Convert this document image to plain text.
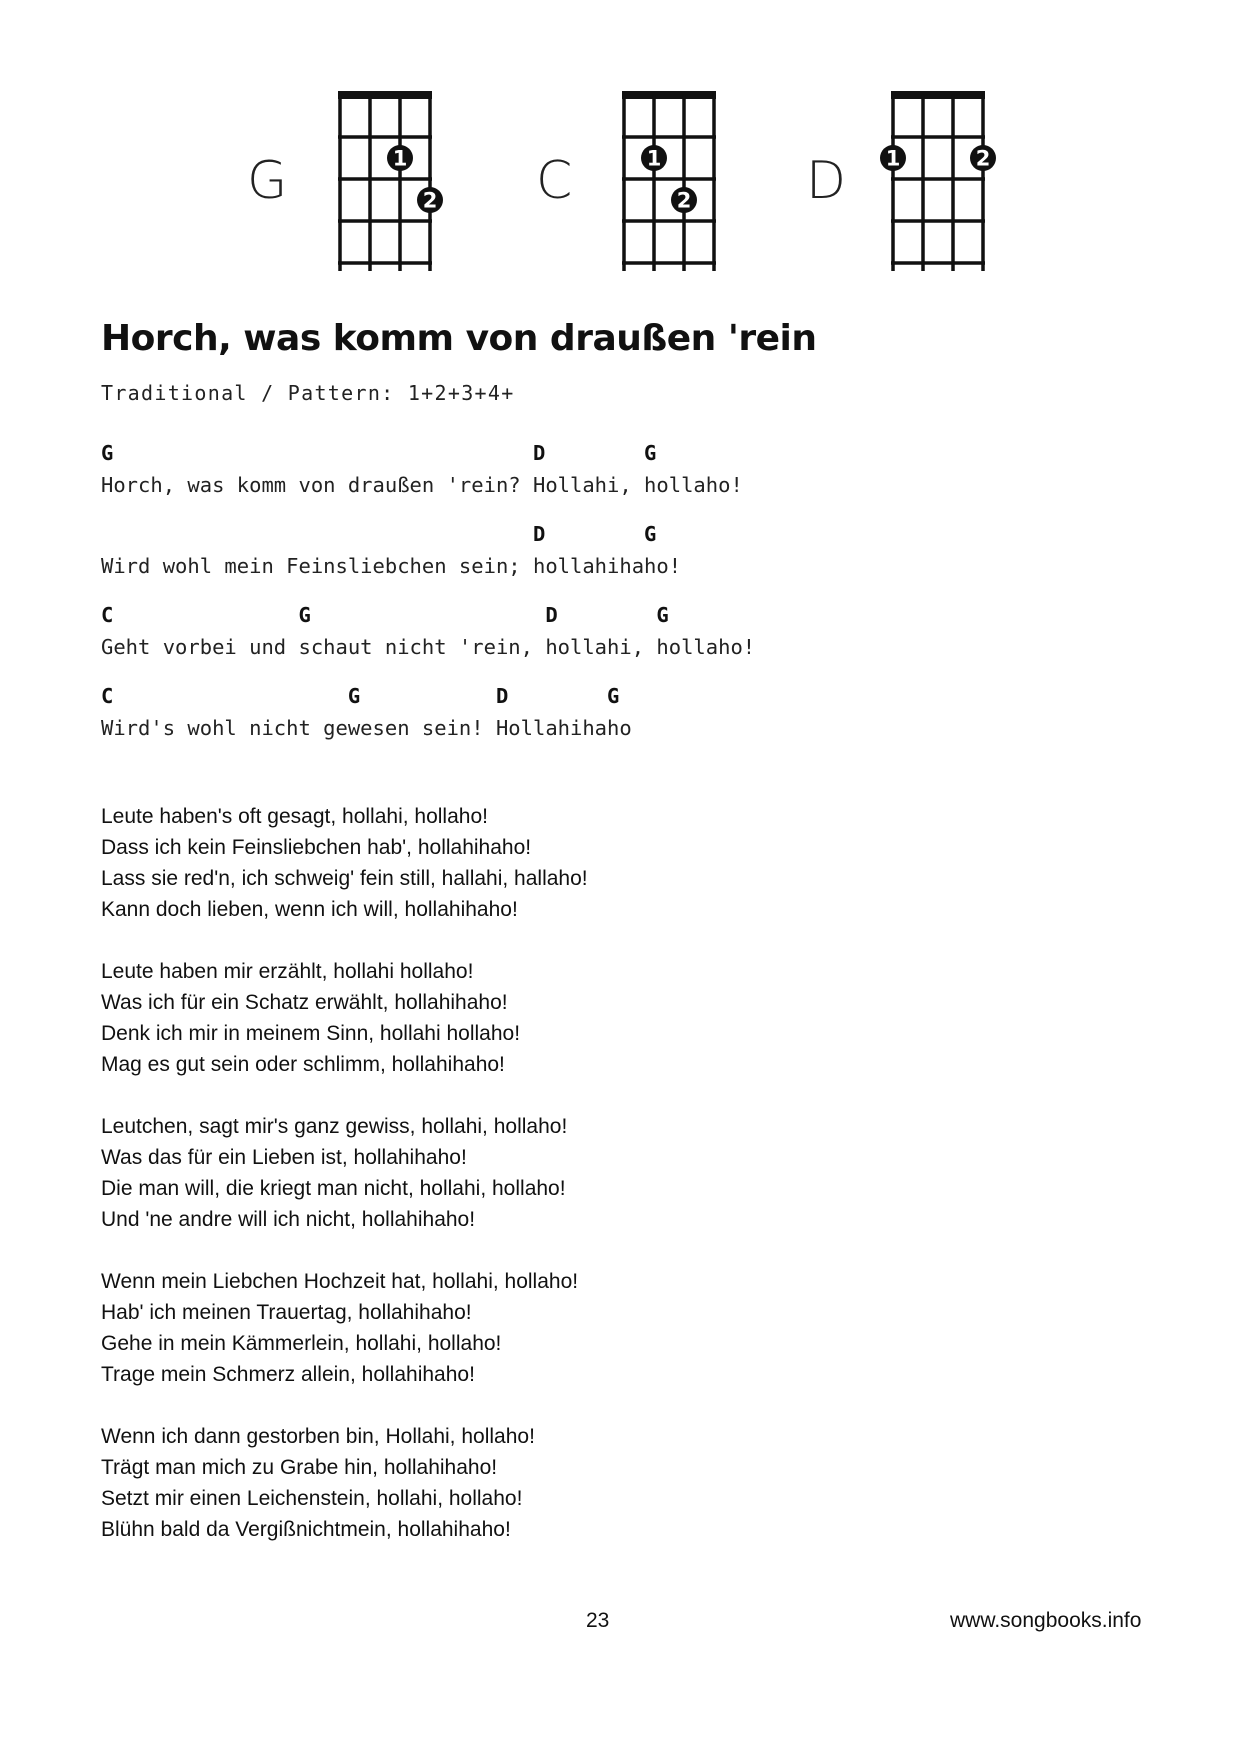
G	1
2 C	1
2 D 1	2
Horch, was komm von draußen 'rein
Traditional / Pattern: 1+2+3+4+
G                                  D        G
Horch, was komm von draußen 'rein? Hollahi, hollaho!
D        G
Wird wohl mein Feinsliebchen sein; hollahihaho!
C               G                   D        G
Geht vorbei und schaut nicht 'rein, hollahi, hollaho!
C                   G           D        G
Wird's wohl nicht gewesen sein! Hollahihaho

Leute haben's oft gesagt, hollahi, hollaho!

Dass ich kein Feinsliebchen hab', hollahihaho!

Lass sie red'n, ich schweig' fein still, hallahi, hallaho!

Kann doch lieben, wenn ich will, hollahihaho!

Leute haben mir erzählt, hollahi hollaho!

Was ich für ein Schatz erwählt, hollahihaho!

Denk ich mir in meinem Sinn, hollahi hollaho!

Mag es gut sein oder schlimm, hollahihaho!

Leutchen, sagt mir's ganz gewiss, hollahi, hollaho!

Was das für ein Lieben ist, hollahihaho!

Die man will, die kriegt man nicht, hollahi, hollaho!

Und 'ne andre will ich nicht, hollahihaho!

Wenn mein Liebchen Hochzeit hat, hollahi, hollaho!

Hab' ich meinen Trauertag, hollahihaho!

Gehe in mein Kämmerlein, hollahi, hollaho!

Trage mein Schmerz allein, hollahihaho!

Wenn ich dann gestorben bin, Hollahi, hollaho!

Trägt man mich zu Grabe hin, hollahihaho!

Setzt mir einen Leichenstein, hollahi, hollaho!

Blühn bald da Vergißnichtmein, hollahihaho!

23	www.songbooks.info
